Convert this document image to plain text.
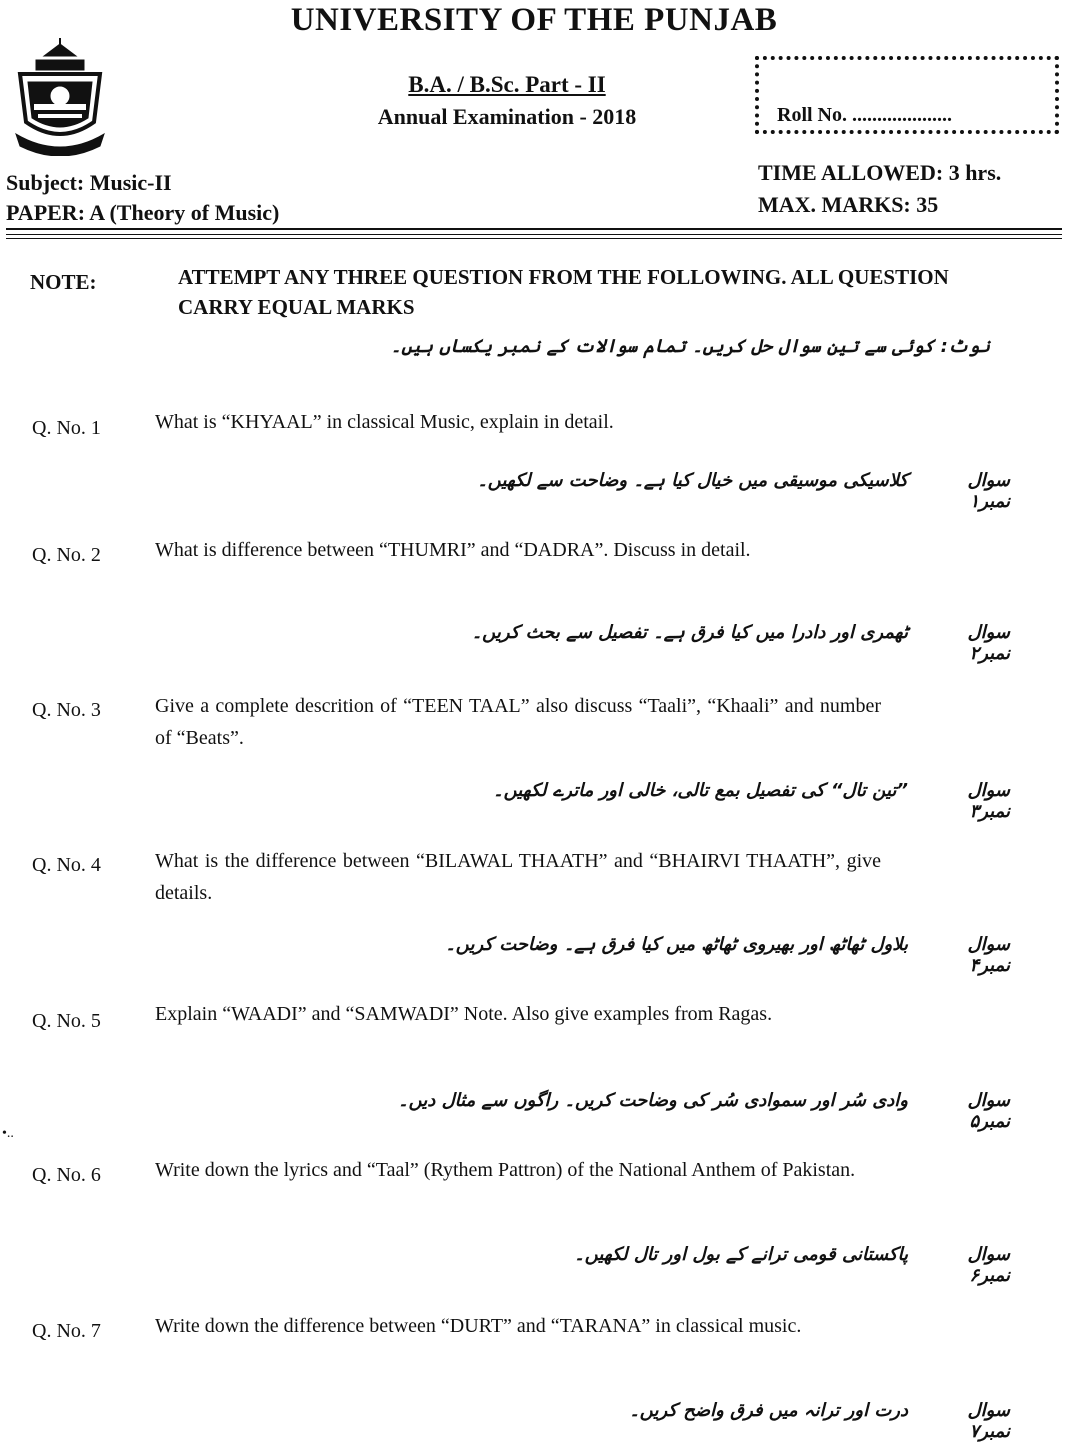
UNIVERSITY OF THE PUNJAB
B.A. / B.Sc. Part - II
Annual Examination - 2018	Roll No. ....................
Subject: Music-II
PAPER: A (Theory of Music)
TIME ALLOWED: 3 hrs.
MAX. MARKS: 35
NOTE:	ATTEMPT ANY THREE QUESTION FROM THE FOLLOWING. ALL QUESTION CARRY EQUAL MARKS
نوٹ: کوئی سے تین سوال حل کریں۔ تمام سوالات کے نمبر یکساں ہیں۔
Q. No. 1	What is “KHYAAL” in classical Music, explain in detail.
سوال نمبر۱
کلاسیکی موسیقی میں خیال کیا ہے۔ وضاحت سے لکھیں۔
Q. No. 2	What is difference between “THUMRI” and “DADRA”. Discuss in detail.
سوال نمبر۲
ٹھمری اور دادرا میں کیا فرق ہے۔ تفصیل سے بحث کریں۔
Q. No. 3	Give a complete descrition of “TEEN TAAL” also discuss “Taali”, “Khaali” and number of “Beats”.
سوال نمبر۳
”تین تال“ کی تفصیل بمع تالی، خالی اور ماترے لکھیں۔
Q. No. 4	What is the difference between “BILAWAL THAATH” and “BHAIRVI THAATH”, give details.
سوال نمبر۴
بلاول ٹھاٹھ اور بھیروی ٹھاٹھ میں کیا فرق ہے۔ وضاحت کریں۔
Q. No. 5	Explain “WAADI” and “SAMWADI” Note. Also give examples from Ragas.
سوال نمبر۵
وادی سُر اور سموادی سُر کی وضاحت کریں۔ راگوں سے مثال دیں۔
•..
Q. No. 6	Write down the lyrics and “Taal” (Rythem Pattron) of the National Anthem of Pakistan.
سوال نمبر۶
پاکستانی قومی ترانے کے بول اور تال لکھیں۔
Q. No. 7	Write down the difference between “DURT” and “TARANA” in classical music.
سوال نمبر۷
درت اور ترانہ میں فرق واضح کریں۔
